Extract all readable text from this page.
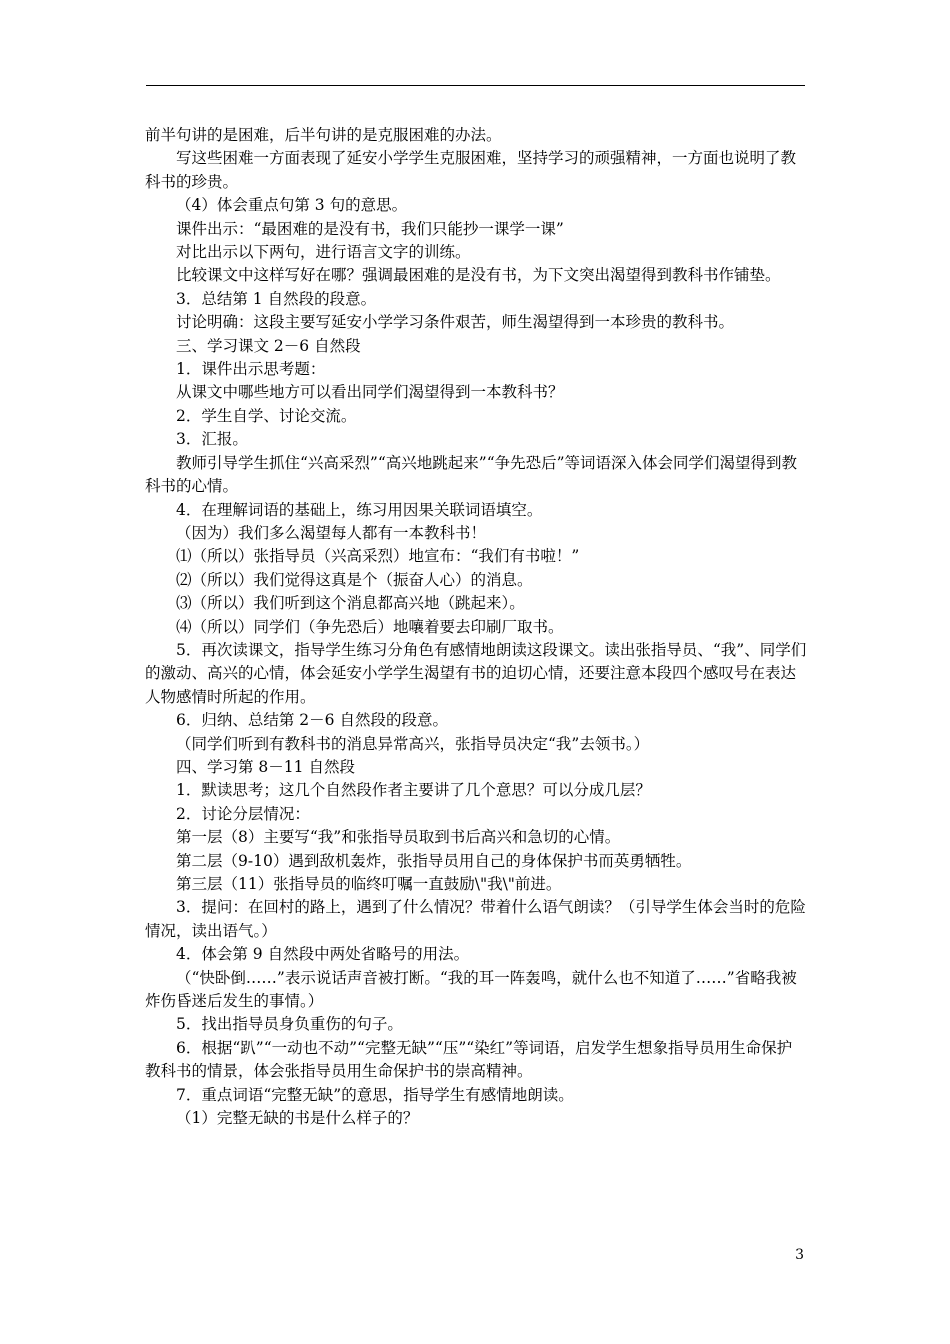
前半句讲的是困难，后半句讲的是克服困难的办法。

写这些困难一方面表现了延安小学学生克服困难，坚持学习的顽强精神，一方面也说明了教科书的珍贵。

（4）体会重点句第 3 句的意思。

课件出示：“最困难的是没有书，我们只能抄一课学一课”

对比出示以下两句，进行语言文字的训练。

比较课文中这样写好在哪？强调最困难的是没有书，为下文突出渴望得到教科书作铺垫。

3．总结第 1 自然段的段意。

讨论明确：这段主要写延安小学学习条件艰苦，师生渴望得到一本珍贵的教科书。

三、学习课文 2－6 自然段

1．课件出示思考题：

从课文中哪些地方可以看出同学们渴望得到一本教科书？

2．学生自学、讨论交流。

3．汇报。

教师引导学生抓住“兴高采烈”“高兴地跳起来”“争先恐后”等词语深入体会同学们渴望得到教科书的心情。

4．在理解词语的基础上，练习用因果关联词语填空。

（因为）我们多么渴望每人都有一本教科书！

⑴（所以）张指导员（兴高采烈）地宣布：“我们有书啦！”

⑵（所以）我们觉得这真是个（振奋人心）的消息。

⑶（所以）我们听到这个消息都高兴地（跳起来）。

⑷（所以）同学们（争先恐后）地嚷着要去印刷厂取书。

5．再次读课文，指导学生练习分角色有感情地朗读这段课文。读出张指导员、“我”、同学们的激动、高兴的心情，体会延安小学学生渴望有书的迫切心情，还要注意本段四个感叹号在表达人物感情时所起的作用。

6．归纳、总结第 2－6 自然段的段意。

（同学们听到有教科书的消息异常高兴，张指导员决定“我”去领书。）

四、学习第 8－11 自然段

1．默读思考；这几个自然段作者主要讲了几个意思？可以分成几层？

2．讨论分层情况：

第一层（8）主要写“我”和张指导员取到书后高兴和急切的心情。

第二层（9-10）遇到敌机轰炸，张指导员用自己的身体保护书而英勇牺牲。

第三层（11）张指导员的临终叮嘱一直鼓励\"我\"前进。

3．提问：在回村的路上，遇到了什么情况？带着什么语气朗读？（引导学生体会当时的危险情况，读出语气。）

4．体会第 9 自然段中两处省略号的用法。

（“快卧倒……”表示说话声音被打断。“我的耳一阵轰鸣，就什么也不知道了……”省略我被炸伤昏迷后发生的事情。）

5．找出指导员身负重伤的句子。

6．根据“趴”“一动也不动”“完整无缺”“压”“染红”等词语，启发学生想象指导员用生命保护教科书的情景，体会张指导员用生命保护书的崇高精神。

7．重点词语“完整无缺”的意思，指导学生有感情地朗读。

（1）完整无缺的书是什么样子的？

3
